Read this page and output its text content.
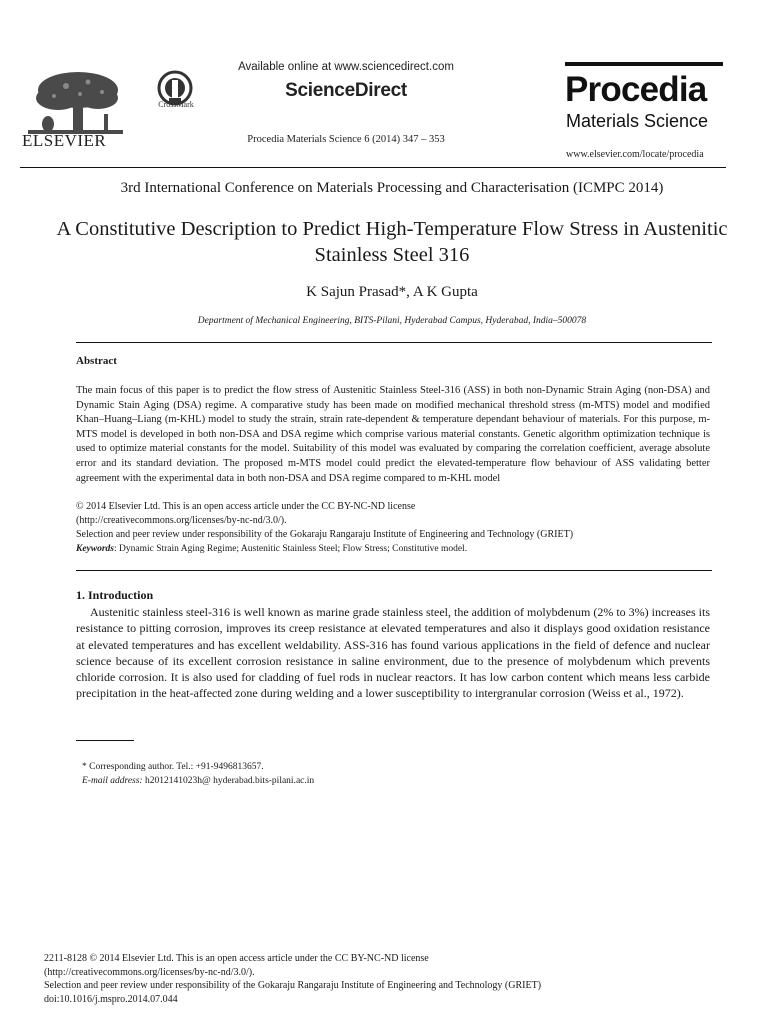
ELSEVIER
CrossMark
Available online at www.sciencedirect.com
ScienceDirect
Procedia Materials Science 6 (2014) 347 – 353
Procedia
Materials Science
www.elsevier.com/locate/procedia
3rd International Conference on Materials Processing and Characterisation (ICMPC 2014)
A Constitutive Description to Predict High-Temperature Flow Stress in Austenitic Stainless Steel 316
K Sajun Prasad*, A K Gupta
Department of Mechanical Engineering, BITS-Pilani, Hyderabad Campus, Hyderabad, India–500078
Abstract
The main focus of this paper is to predict the flow stress of Austenitic Stainless Steel-316 (ASS) in both non-Dynamic Strain Aging (non-DSA) and Dynamic Stain Aging (DSA) regime. A comparative study has been made on modified mechanical threshold stress (m-MTS) model and modified Khan–Huang–Liang (m-KHL) model to study the strain, strain rate-dependent & temperature dependant behaviour of materials. For this purpose, m-MTS model is developed in both non-DSA and DSA regime which comprise various material constants. Genetic algorithm optimization technique is used to optimize material constants for the model. Suitability of this model was evaluated by comparing the correlation coefficient, average absolute error and its standard deviation. The proposed m-MTS model could predict the elevated-temperature flow behaviour of ASS validating better agreement with the experimental data in both non-DSA and DSA regime compared to m-KHL model
© 2014 Elsevier Ltd. This is an open access article under the CC BY-NC-ND license
(http://creativecommons.org/licenses/by-nc-nd/3.0/).
Selection and peer review under responsibility of the Gokaraju Rangaraju Institute of Engineering and Technology (GRIET)
Keywords: Dynamic Strain Aging Regime; Austenitic Stainless Steel; Flow Stress; Constitutive model.
1. Introduction
Austenitic stainless steel-316 is well known as marine grade stainless steel, the addition of molybdenum (2% to 3%) increases its resistance to pitting corrosion, improves its creep resistance at elevated temperatures and also it displays good oxidation resistance at elevated temperatures and has excellent weldability. ASS-316 has found various applications in the field of defence and nuclear science because of its excellent corrosion resistance in saline environment, due to the presence of molybdenum which prevents chloride corrosion. It is also used for cladding of fuel rods in nuclear reactors. It has low carbon content which means less carbide precipitation in the heat-affected zone during welding and a lower susceptibility to intergranular corrosion (Weiss et al., 1972).
* Corresponding author. Tel.: +91-9496813657.
E-mail address: h2012141023h@ hyderabad.bits-pilani.ac.in
2211-8128 © 2014 Elsevier Ltd. This is an open access article under the CC BY-NC-ND license
(http://creativecommons.org/licenses/by-nc-nd/3.0/).
Selection and peer review under responsibility of the Gokaraju Rangaraju Institute of Engineering and Technology (GRIET)
doi:10.1016/j.mspro.2014.07.044
